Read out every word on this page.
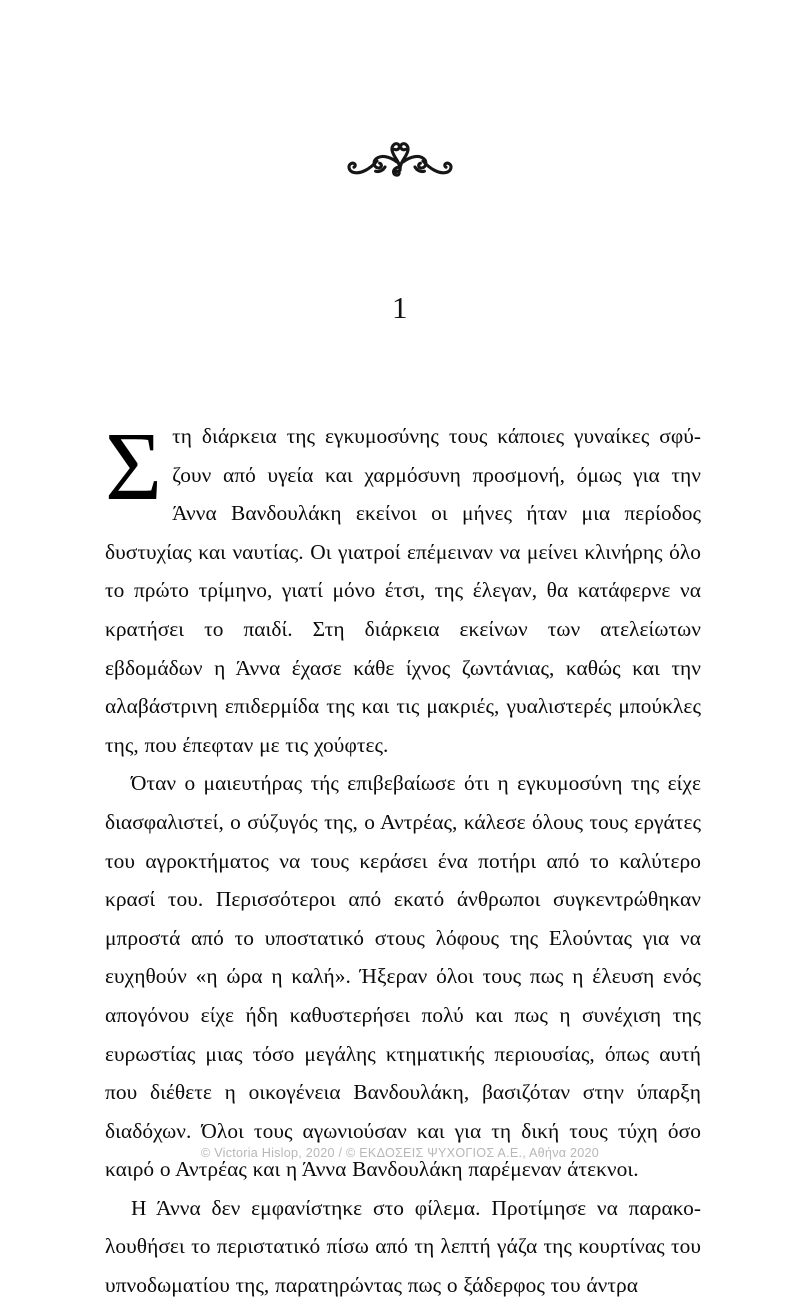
1

Στη διάρκεια της εγκυμοσύνης τους κάποιες γυναίκες σφύζουν από υγεία και χαρμόσυνη προσμονή, όμως για την Άννα Βανδουλάκη εκείνοι οι μήνες ήταν μια περίοδος δυστυχίας και ναυτίας. Οι γιατροί επέμειναν να μείνει κλινήρης όλο το πρώτο τρίμηνο, γιατί μόνο έτσι, της έλεγαν, θα κατάφερνε να κρατήσει το παιδί. Στη διάρκεια εκείνων των ατελείωτων εβδομάδων η Άννα έχασε κάθε ίχνος ζωντάνιας, καθώς και την αλαβάστρινη επιδερμίδα της και τις μακριές, γυαλιστερές μπούκλες της, που έπεφταν με τις χούφτες.

Όταν ο μαιευτήρας τής επιβεβαίωσε ότι η εγκυμοσύνη της είχε διασφαλιστεί, ο σύζυγός της, ο Αντρέας, κάλεσε όλους τους εργάτες του αγροκτήματος να τους κεράσει ένα ποτήρι από το καλύτερο κρασί του. Περισσότεροι από εκατό άνθρωποι συγκεντρώθηκαν μπροστά από το υποστατικό στους λόφους της Ελούντας για να ευχηθούν «η ώρα η καλή». Ήξεραν όλοι τους πως η έλευση ενός απογόνου είχε ήδη καθυστερήσει πολύ και πως η συνέχιση της ευρωστίας μιας τόσο μεγάλης κτηματικής περιουσίας, όπως αυτή που διέθετε η οικογένεια Βανδουλάκη, βασιζόταν στην ύπαρξη διαδόχων. Όλοι τους αγωνιούσαν και για τη δική τους τύχη όσο καιρό ο Αντρέας και η Άννα Βανδουλάκη παρέμεναν άτεκνοι.

Η Άννα δεν εμφανίστηκε στο φίλεμα. Προτίμησε να παρακολουθήσει το περιστατικό πίσω από τη λεπτή γάζα της κουρτίνας του υπνοδωματίου της, παρατηρώντας πως ο ξάδερφος του άντρα

© Victoria Hislop, 2020 / © ΕΚΔΟΣΕΙΣ ΨΥΧΟΓΙΟΣ Α.Ε., Αθήνα 2020
